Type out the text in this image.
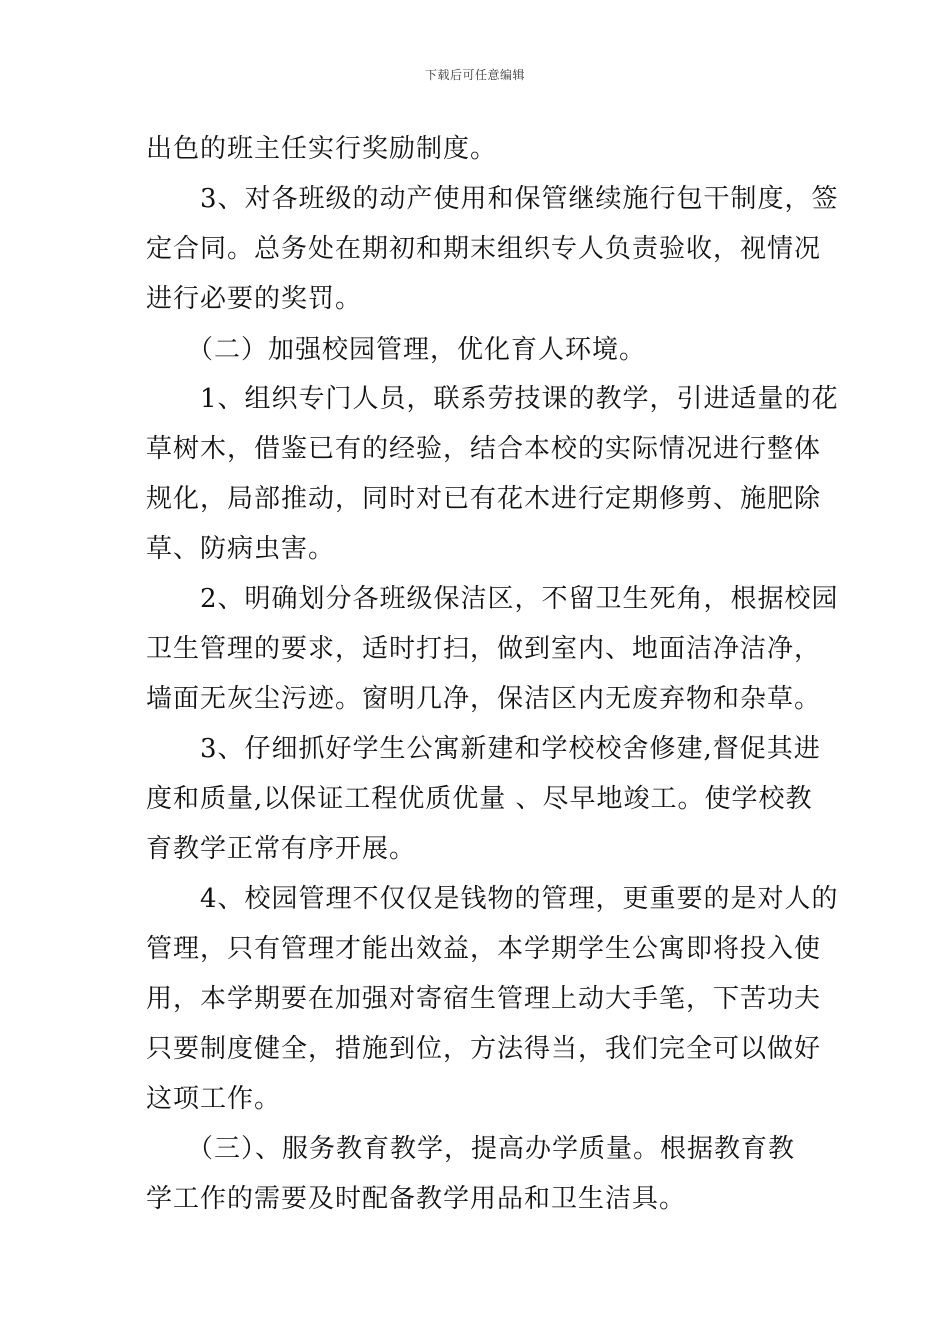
下载后可任意编辑
出色的班主任实行奖励制度。
　　3、对各班级的动产使用和保管继续施行包干制度，签
定合同。总务处在期初和期末组织专人负责验收，视情况
进行必要的奖罚。
　　（二）加强校园管理，优化育人环境。
　　1、组织专门人员，联系劳技课的教学，引进适量的花
草树木，借鉴已有的经验，结合本校的实际情况进行整体
规化，局部推动，同时对已有花木进行定期修剪、施肥除
草、防病虫害。
　　2、明确划分各班级保洁区，不留卫生死角，根据校园
卫生管理的要求，适时打扫，做到室内、地面洁净洁净，
墙面无灰尘污迹。窗明几净，保洁区内无废弃物和杂草。
　　3、仔细抓好学生公寓新建和学校校舍修建,督促其进
度和质量,以保证工程优质优量 、尽早地竣工。使学校教
育教学正常有序开展。
　　4、校园管理不仅仅是钱物的管理，更重要的是对人的
管理，只有管理才能出效益，本学期学生公寓即将投入使
用，本学期要在加强对寄宿生管理上动大手笔，下苦功夫
只要制度健全，措施到位，方法得当，我们完全可以做好
这项工作。
　　（三）、服务教育教学，提高办学质量。根据教育教
学工作的需要及时配备教学用品和卫生洁具。
